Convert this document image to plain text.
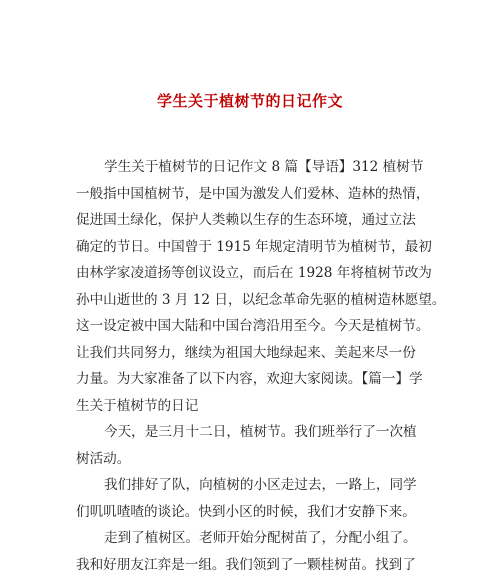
学生关于植树节的日记作文
学生关于植树节的日记作文 8 篇【导语】312 植树节
一般指中国植树节，是中国为激发人们爱林、造林的热情，
促进国土绿化，保护人类赖以生存的生态环境，通过立法
确定的节日。中国曾于 1915 年规定清明节为植树节，最初
由林学家凌道扬等创议设立，而后在 1928 年将植树节改为
孙中山逝世的 3 月 12 日，以纪念革命先驱的植树造林愿望。
这一设定被中国大陆和中国台湾沿用至今。今天是植树节。
让我们共同努力，继续为祖国大地绿起来、美起来尽一份
力量。为大家准备了以下内容，欢迎大家阅读。【篇一】学
生关于植树节的日记
今天，是三月十二日，植树节。我们班举行了一次植
树活动。
我们排好了队，向植树的小区走过去，一路上，同学
们叽叽喳喳的谈论。快到小区的时候，我们才安静下来。
走到了植树区。老师开始分配树苗了，分配小组了。
我和好朋友江弈是一组。我们领到了一颗桂树苗。找到了
